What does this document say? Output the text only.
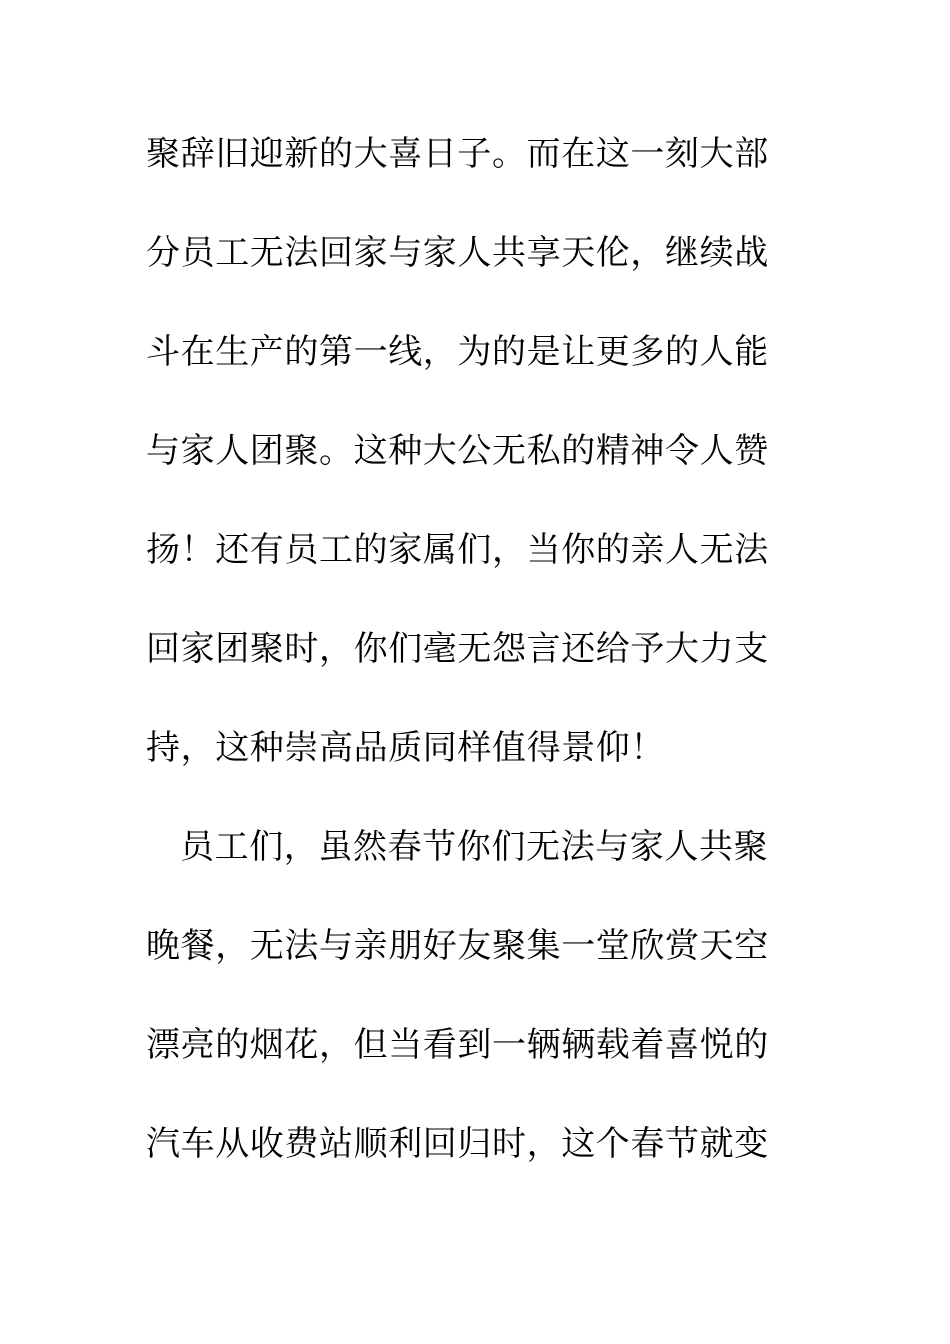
聚辞旧迎新的大喜日子。而在这一刻大部
分员工无法回家与家人共享天伦，继续战
斗在生产的第一线，为的是让更多的人能
与家人团聚。这种大公无私的精神令人赞
扬！还有员工的家属们，当你的亲人无法
回家团聚时，你们毫无怨言还给予大力支
持，这种崇高品质同样值得景仰！
员工们，虽然春节你们无法与家人共聚
晚餐，无法与亲朋好友聚集一堂欣赏天空
漂亮的烟花，但当看到一辆辆载着喜悦的
汽车从收费站顺利回归时，这个春节就变
